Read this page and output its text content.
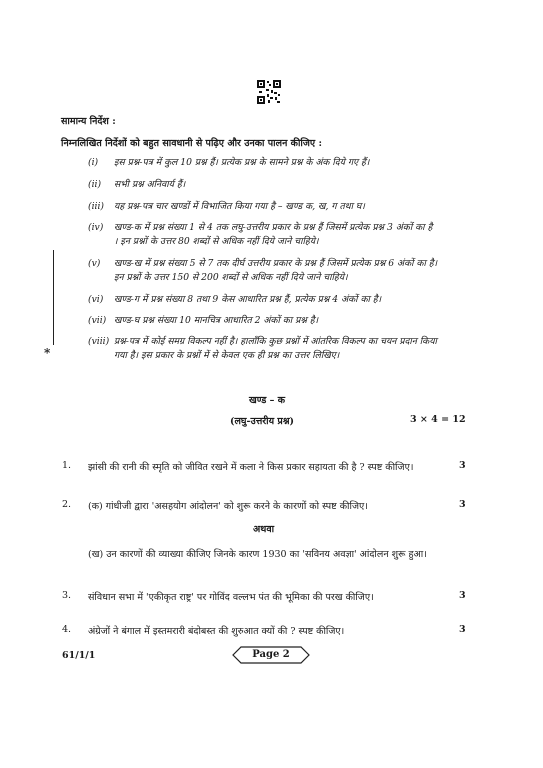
सामान्य निर्देश :
निम्नलिखित निर्देशों को बहुत सावधानी से पढ़िए और उनका पालन कीजिए :
(i) इस प्रश्न-पत्र में कुल 10 प्रश्न हैं। प्रत्येक प्रश्न के सामने प्रश्न के अंक दिये गए हैं।
(ii) सभी प्रश्न अनिवार्य हैं।
(iii) यह प्रश्न-पत्र चार खण्डों में विभाजित किया गया है – खण्ड क, ख, ग तथा घ।
(iv) खण्ड-क में प्रश्न संख्या 1 से 4 तक लघु-उत्तरीय प्रकार के प्रश्न हैं जिसमें प्रत्येक प्रश्न 3 अंकों का है
। इन प्रश्नों के उत्तर 80 शब्दों से अधिक नहीं दिये जाने चाहिये।
(v) खण्ड-ख में प्रश्न संख्या 5 से 7 तक दीर्घ उत्तरीय प्रकार के प्रश्न हैं जिसमें प्रत्येक प्रश्न 6 अंकों का है।
इन प्रश्नों के उत्तर 150 से 200 शब्दों से अधिक नहीं दिये जाने चाहिये।
(vi) खण्ड-ग में प्रश्न संख्या 8 तथा 9 केस आधारित प्रश्न हैं, प्रत्येक प्रश्न 4 अंकों का है।
(vii) खण्ड-घ प्रश्न संख्या 10 मानचित्र आधारित 2 अंकों का प्रश्न है।
(viii) प्रश्न-पत्र में कोई समग्र विकल्प नहीं है। हालाँकि कुछ प्रश्नों में आंतरिक विकल्प का चयन प्रदान किया
गया है। इस प्रकार के प्रश्नों में से केवल एक ही प्रश्न का उत्तर लिखिए।
*
खण्ड – क
(लघु-उत्तरीय प्रश्न)	3 × 4 = 12
1. झांसी की रानी की स्मृति को जीवित रखने में कला ने किस प्रकार सहायता की है ? स्पष्ट कीजिए।	3
2. (क) गांधीजी द्वारा 'असहयोग आंदोलन' को शुरू करने के कारणों को स्पष्ट कीजिए।	3
अथवा
(ख) उन कारणों की व्याख्या कीजिए जिनके कारण 1930 का 'सविनय अवज्ञा' आंदोलन शुरू हुआ।
3. संविधान सभा में 'एकीकृत राष्ट्र' पर गोविंद वल्लभ पंत की भूमिका की परख कीजिए।	3
4. अंग्रेजों ने बंगाल में इस्तमरारी बंदोबस्त की शुरुआत क्यों की ? स्पष्ट कीजिए।	3
61/1/1	Page 2
